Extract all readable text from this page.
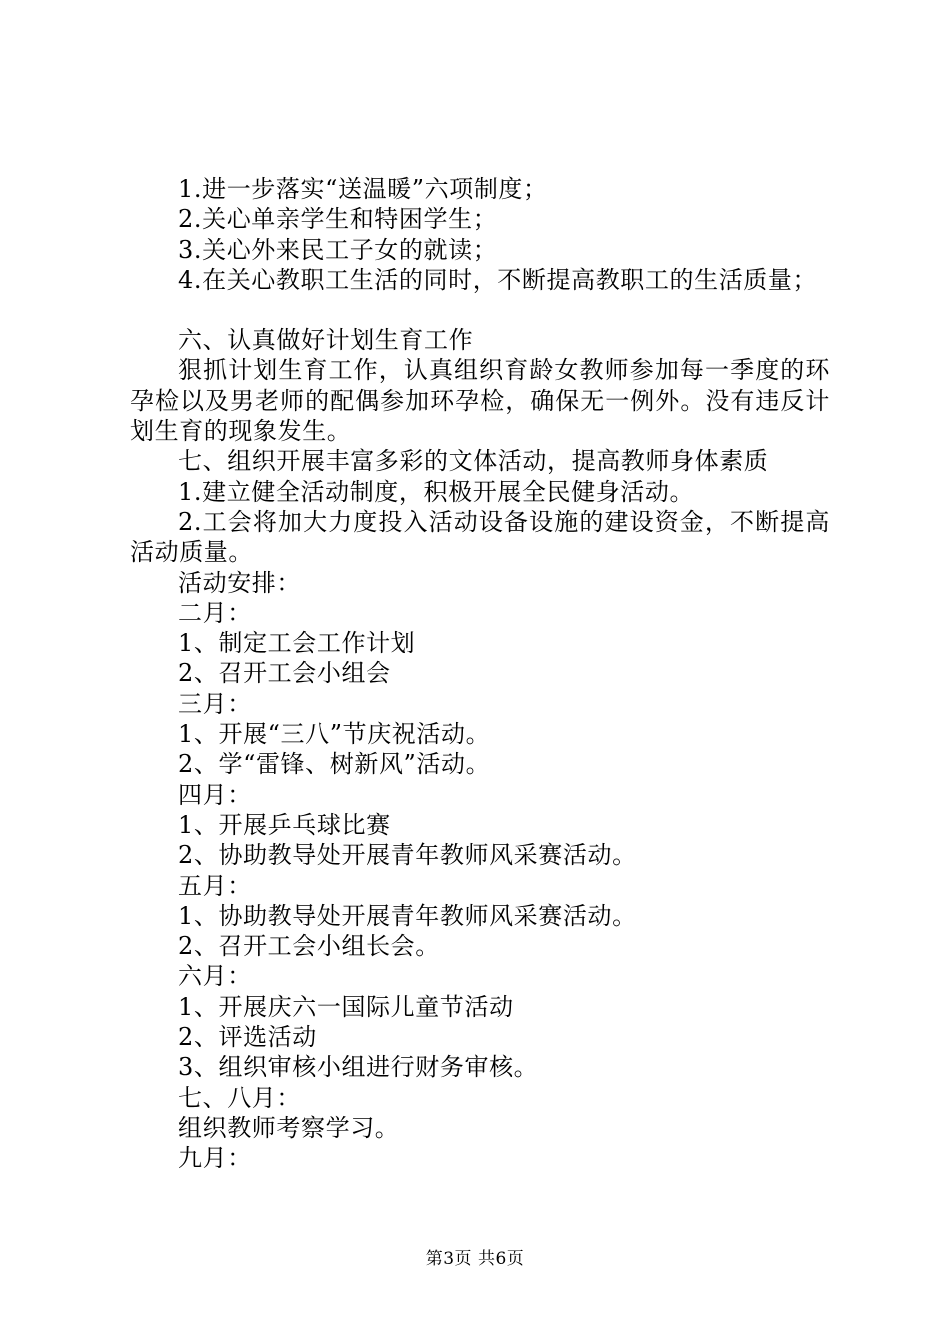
1.进一步落实“送温暖”六项制度；

2.关心单亲学生和特困学生；

3.关心外来民工子女的就读；

4.在关心教职工生活的同时，不断提高教职工的生活质量；

六、认真做好计划生育工作

狠抓计划生育工作，认真组织育龄女教师参加每一季度的环孕检以及男老师的配偶参加环孕检，确保无一例外。没有违反计划生育的现象发生。

七、组织开展丰富多彩的文体活动，提高教师身体素质

1.建立健全活动制度，积极开展全民健身活动。

2.工会将加大力度投入活动设备设施的建设资金，不断提高活动质量。

活动安排：

二月：

1、制定工会工作计划

2、召开工会小组会

三月：

1、开展“三八”节庆祝活动。

2、学“雷锋、树新风”活动。

四月：

1、开展乒乓球比赛

2、协助教导处开展青年教师风采赛活动。

五月：

1、协助教导处开展青年教师风采赛活动。

2、召开工会小组长会。

六月：

1、开展庆六一国际儿童节活动

2、评选活动

3、组织审核小组进行财务审核。

七、八月：

组织教师考察学习。

九月：

第3页 共6页
